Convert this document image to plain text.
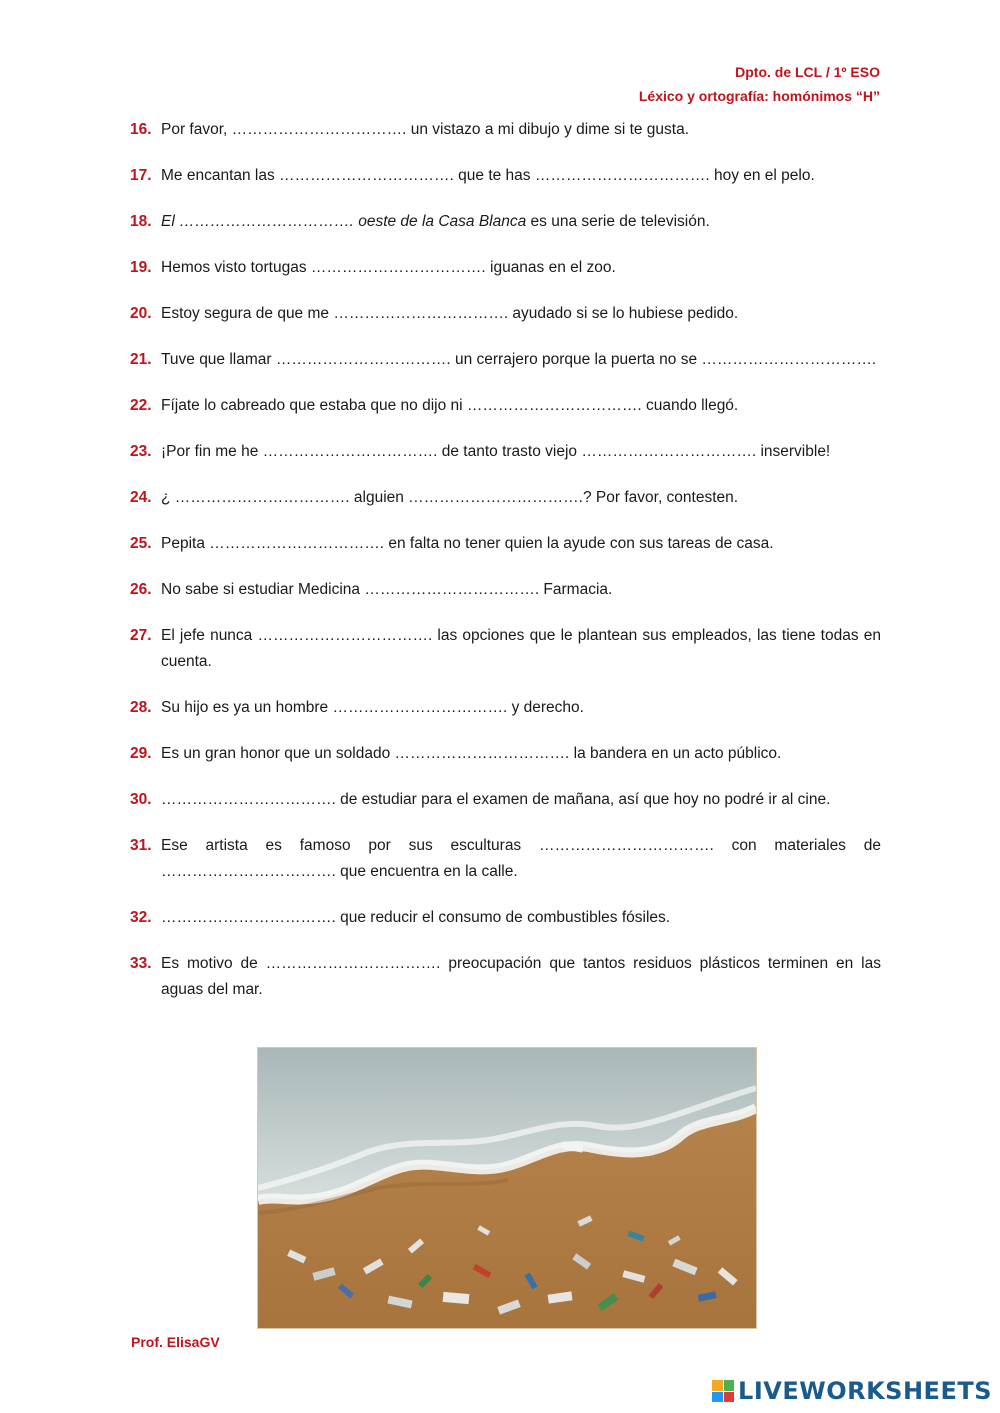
Dpto. de LCL / 1º ESO
Léxico y ortografía: homónimos “H”
16. Por favor, ……………………………. un vistazo a mi dibujo y dime si te gusta.
17. Me encantan las ……………………………. que te has ……………………………. hoy en el pelo.
18. El ……………………………. oeste de la Casa Blanca es una serie de televisión.
19. Hemos visto tortugas ……………………………. iguanas en el zoo.
20. Estoy segura de que me ……………………………. ayudado si se lo hubiese pedido.
21. Tuve que llamar ……………………………. un cerrajero porque la puerta no se …………………………….
22. Fíjate lo cabreado que estaba que no dijo ni ……………………………. cuando llegó.
23. ¡Por fin me he ……………………………. de tanto trasto viejo ……………………………. inservible!
24. ¿ ……………………………. alguien …………………………….? Por favor, contesten.
25. Pepita ……………………………. en falta no tener quien la ayude con sus tareas de casa.
26. No sabe si estudiar Medicina ……………………………. Farmacia.
27. El jefe nunca ……………………………. las opciones que le plantean sus empleados, las tiene todas en cuenta.
28. Su hijo es ya un hombre ……………………………. y derecho.
29. Es un gran honor que un soldado ……………………………. la bandera en un acto público.
30. ……………………………. de estudiar para el examen de mañana, así que hoy no podré ir al cine.
31. Ese artista es famoso por sus esculturas ……………………………. con materiales de
……………………………. que encuentra en la calle.
32. ……………………………. que reducir el consumo de combustibles fósiles.
33. Es motivo de ……………………………. preocupación que tantos residuos plásticos terminen en las aguas del mar.
Prof. ElisaGV
LIVEWORKSHEETS
